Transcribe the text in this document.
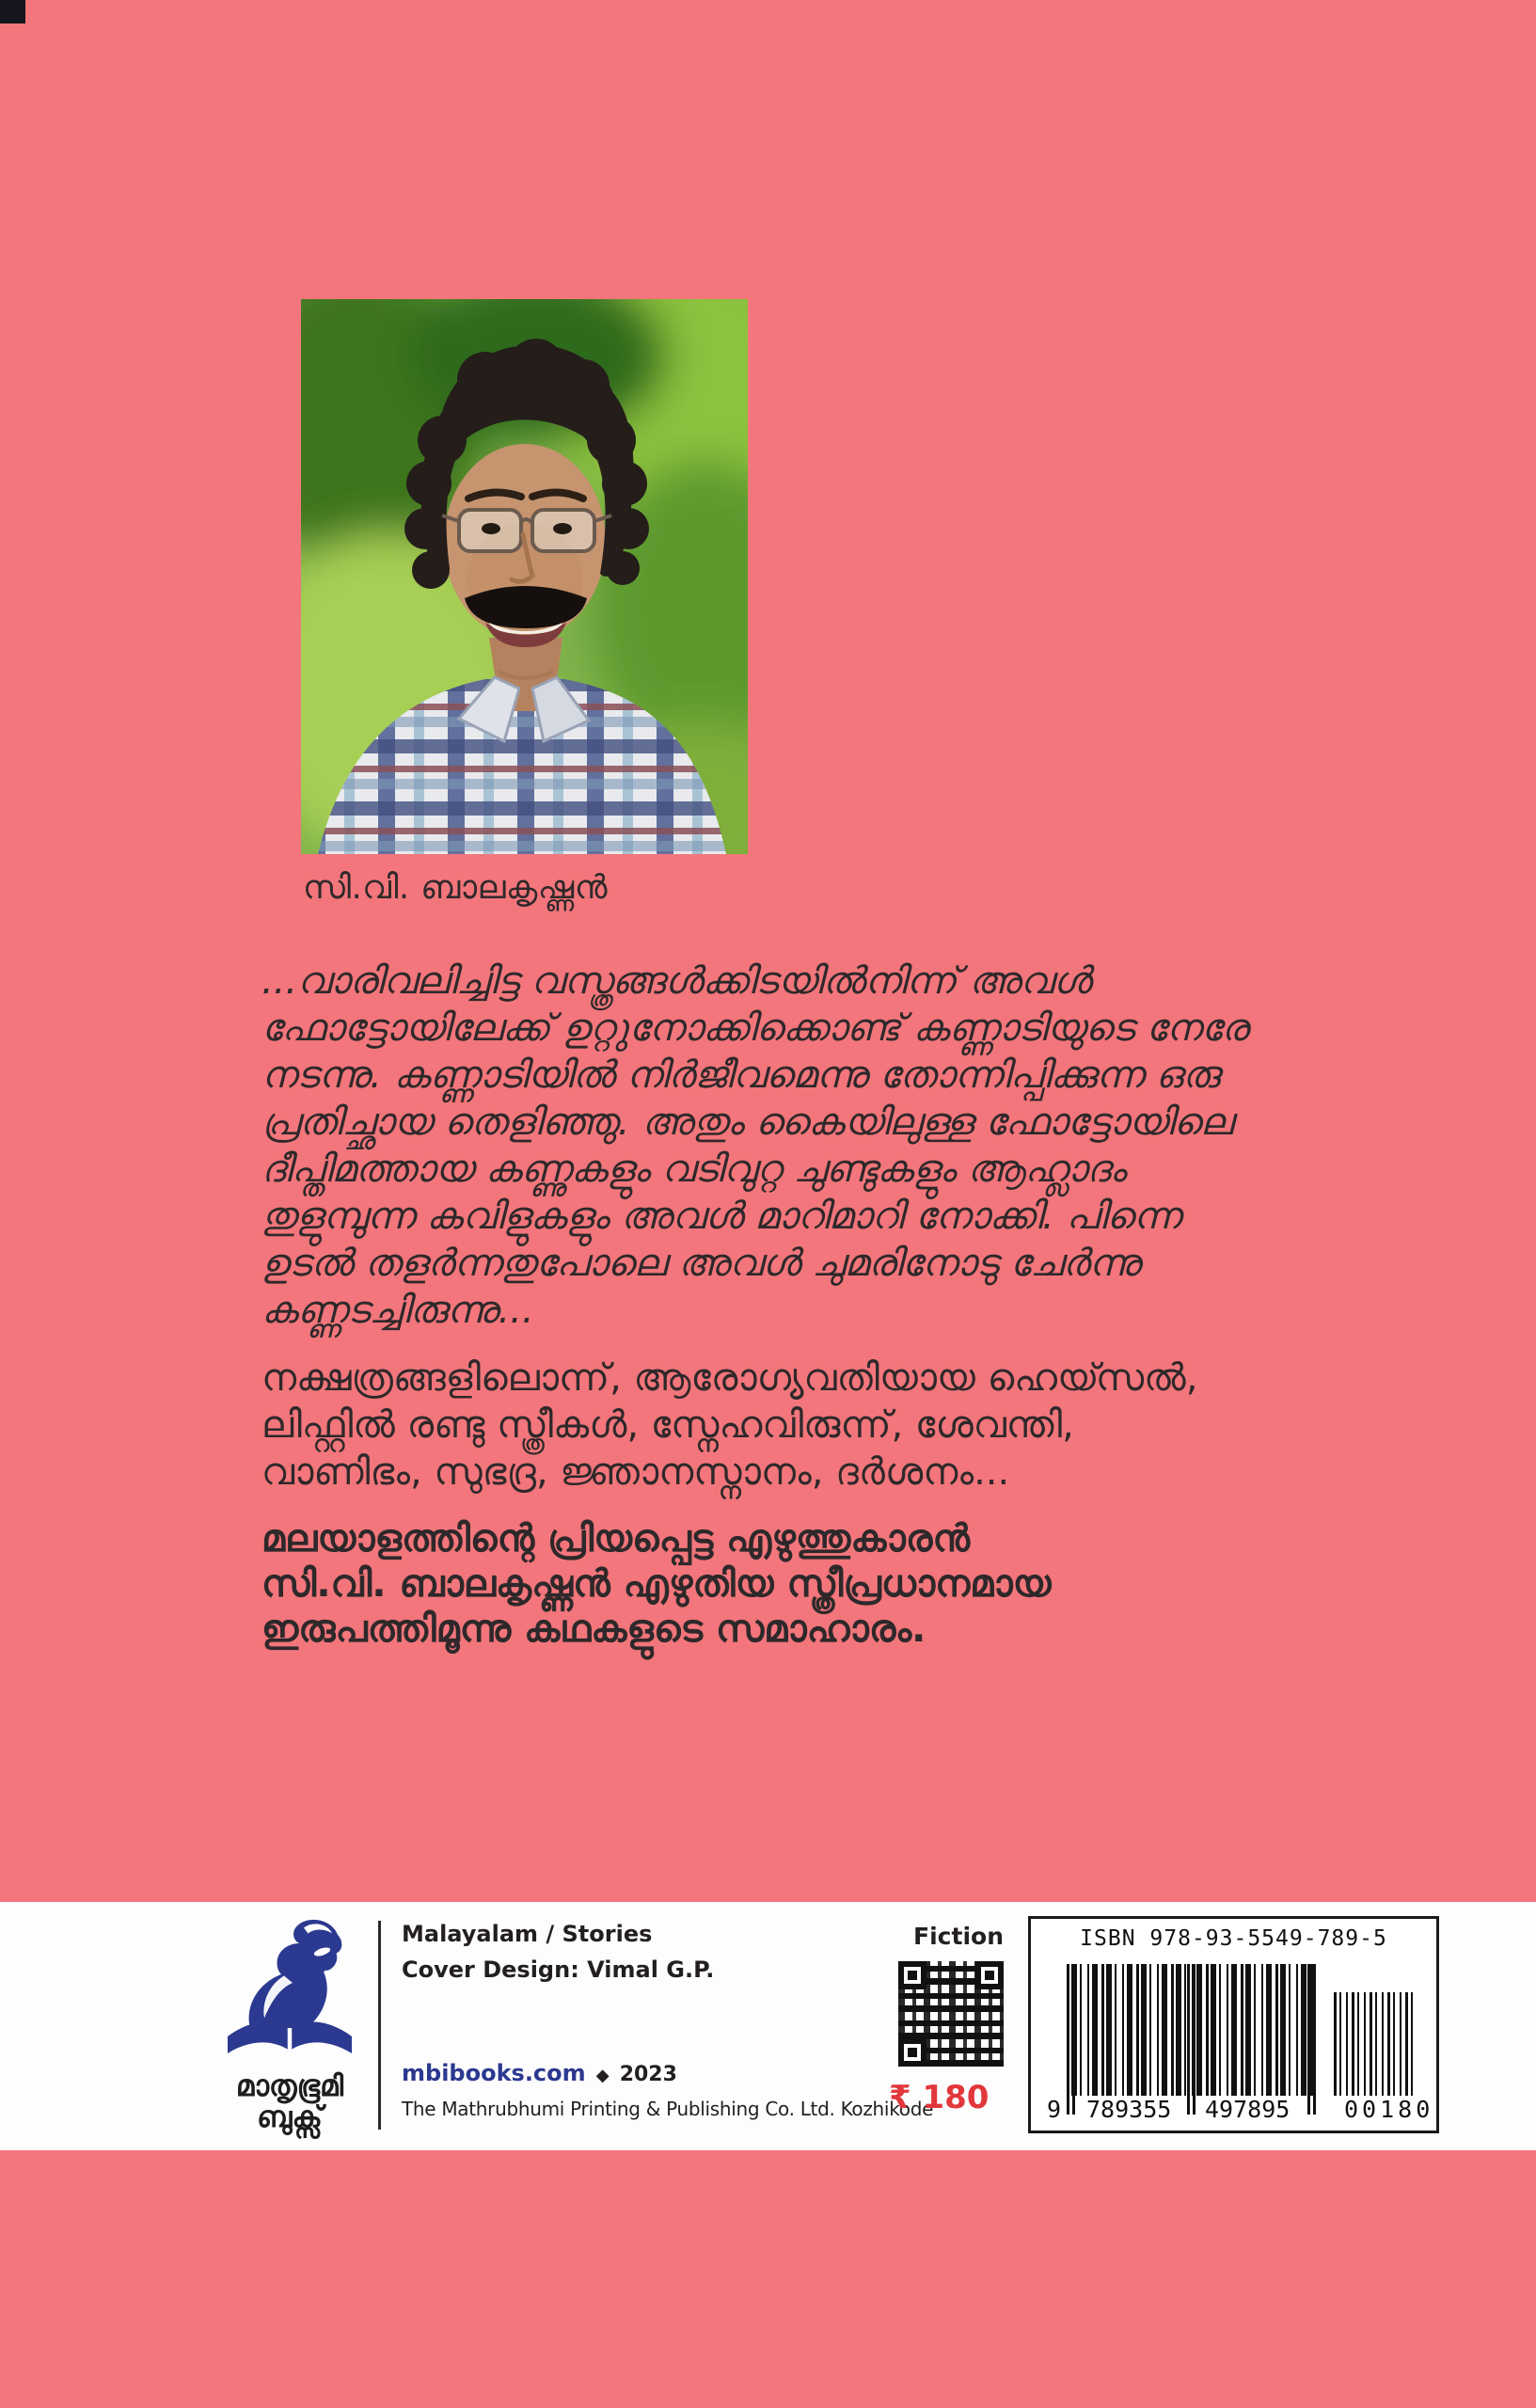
സി.വി. ബാലകൃഷ്ണൻ
...വാരിവലിച്ചിട്ട വസ്ത്രങ്ങൾക്കിടയിൽനിന്ന് അവൾ
ഫോട്ടോയിലേക്ക് ഉറ്റുനോക്കിക്കൊണ്ട് കണ്ണാടിയുടെ നേരേ
നടന്നു. കണ്ണാടിയിൽ നിർജീവമെന്നു തോന്നിപ്പിക്കുന്ന ഒരു
പ്രതിച്ഛായ തെളിഞ്ഞു. അതും കൈയിലുള്ള ഫോട്ടോയിലെ
ദീപ്തിമത്തായ കണ്ണുകളും വടിവുറ്റ ചുണ്ടുകളും ആഹ്ലാദം
തുളുമ്പുന്ന കവിളുകളും അവൾ മാറിമാറി നോക്കി. പിന്നെ
ഉടൽ തളർന്നതുപോലെ അവൾ ചുമരിനോടു ചേർന്നു
കണ്ണടച്ചിരുന്നു...
നക്ഷത്രങ്ങളിലൊന്ന്, ആരോഗ്യവതിയായ ഹെയ്സൽ,
ലിഫ്റ്റിൽ രണ്ടു സ്ത്രീകൾ, സ്നേഹവിരുന്ന്, ശേവന്തി,
വാണിഭം, സുഭദ്ര, ജ്ഞാനസ്നാനം, ദർശനം...
മലയാളത്തിന്റെ പ്രിയപ്പെട്ട എഴുത്തുകാരൻ
സി.വി. ബാലകൃഷ്ണൻ എഴുതിയ സ്ത്രീപ്രധാനമായ
ഇരുപത്തിമൂന്നു കഥകളുടെ സമാഹാരം.
മാതൃഭൂമി
ബുക്സ്
Malayalam / Stories
Cover Design: Vimal G.P.
mbibooks.com ◆ 2023
The Mathrubhumi Printing & Publishing Co. Ltd. Kozhikode
Fiction
₹ 180
ISBN 978-93-5549-789-5
9 789355 497895 00180
